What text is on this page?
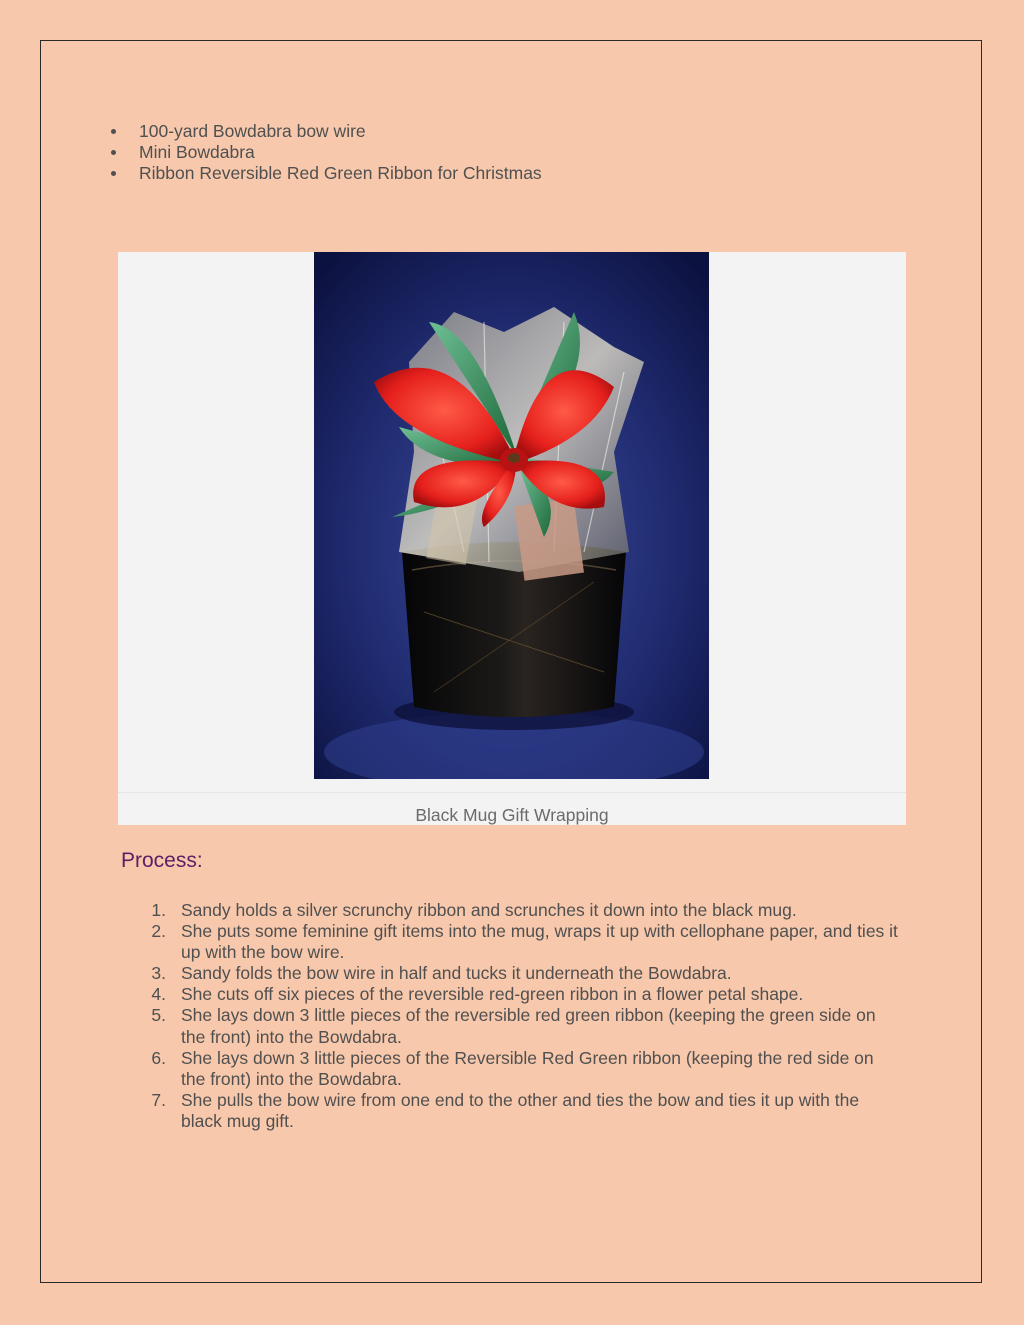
100-yard Bowdabra bow wire
Mini Bowdabra
Ribbon Reversible Red Green Ribbon for Christmas
Black Mug Gift Wrapping
Process:
1. Sandy holds a silver scrunchy ribbon and scrunches it down into the black mug.
2. She puts some feminine gift items into the mug, wraps it up with cellophane paper, and ties it up with the bow wire.
3. Sandy folds the bow wire in half and tucks it underneath the Bowdabra.
4. She cuts off six pieces of the reversible red-green ribbon in a flower petal shape.
5. She lays down 3 little pieces of the reversible red green ribbon (keeping the green side on the front) into the Bowdabra.
6. She lays down 3 little pieces of the Reversible Red Green ribbon (keeping the red side on the front) into the Bowdabra.
7. She pulls the bow wire from one end to the other and ties the bow and ties it up with the black mug gift.
